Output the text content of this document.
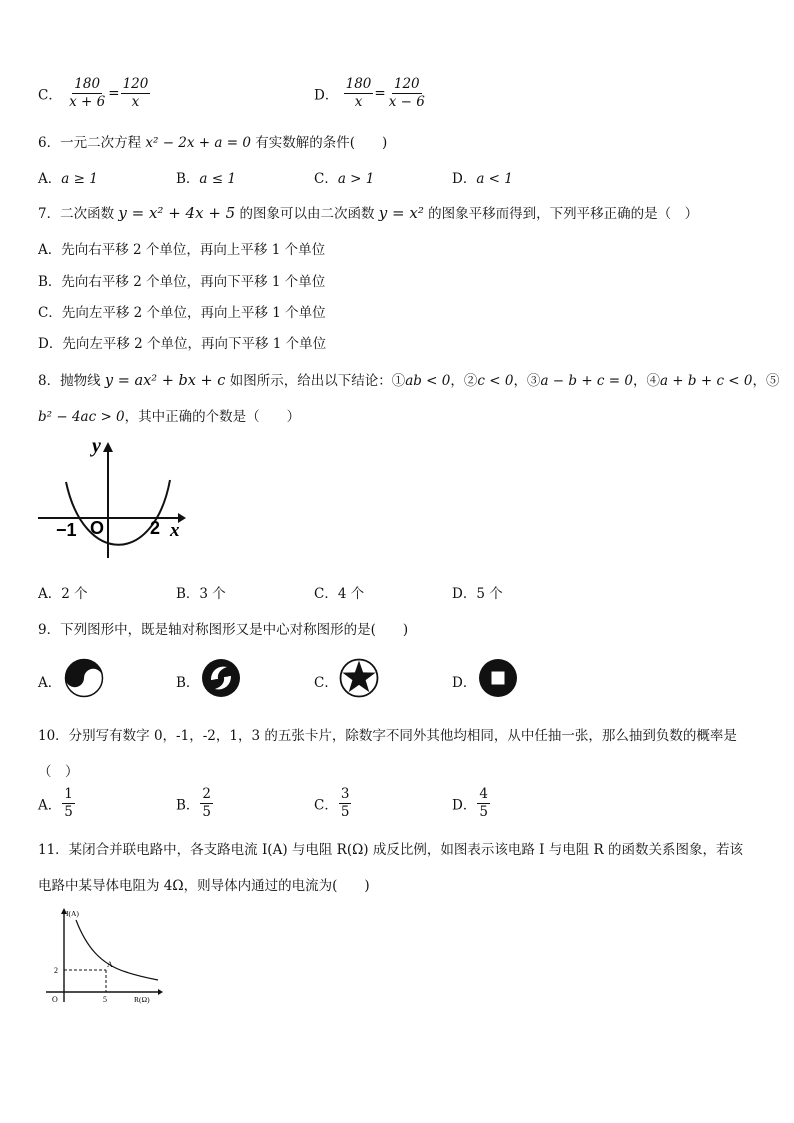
C． $\frac{180}{x + 6} = \frac{120}{x}$	D． $\frac{180}{x} = \frac{120}{x - 6}$
6．一元二次方程 x² − 2x + a = 0 有实数解的条件(　　)
A．a ≥ 1	B．a ≤ 1	C．a > 1	D．a < 1
7．二次函数 y = x² + 4x + 5 的图象可以由二次函数 y = x² 的图象平移而得到，下列平移正确的是（　）
A．先向右平移 2 个单位，再向上平移 1 个单位
B．先向右平移 2 个单位，再向下平移 1 个单位
C．先向左平移 2 个单位，再向上平移 1 个单位
D．先向左平移 2 个单位，再向下平移 1 个单位
8．抛物线 y = ax² + bx + c 如图所示，给出以下结论：①ab < 0，②c < 0，③a − b + c = 0，④a + b + c < 0，⑤
b² − 4ac > 0，其中正确的个数是（　　）
y
x
O
−1	2
A．2 个	B．3 个	C．4 个	D．5 个
9．下列图形中，既是轴对称图形又是中心对称图形的是(　　)
A．	B．	C．	D．
10．分别写有数字 0，-1，-2，1，3 的五张卡片，除数字不同外其他均相同，从中任抽一张，那么抽到负数的概率是
（　）
A． $\frac{1}{5}$	B． $\frac{2}{5}$	C． $\frac{3}{5}$	D． $\frac{4}{5}$
11．某闭合并联电路中，各支路电流 I(A) 与电阻 R(Ω) 成反比例，如图表示该电路 I 与电阻 R 的函数关系图象，若该
电路中某导体电阻为 4Ω，则导体内通过的电流为(　　)
I(A)
R(Ω)
O
2
5
A
